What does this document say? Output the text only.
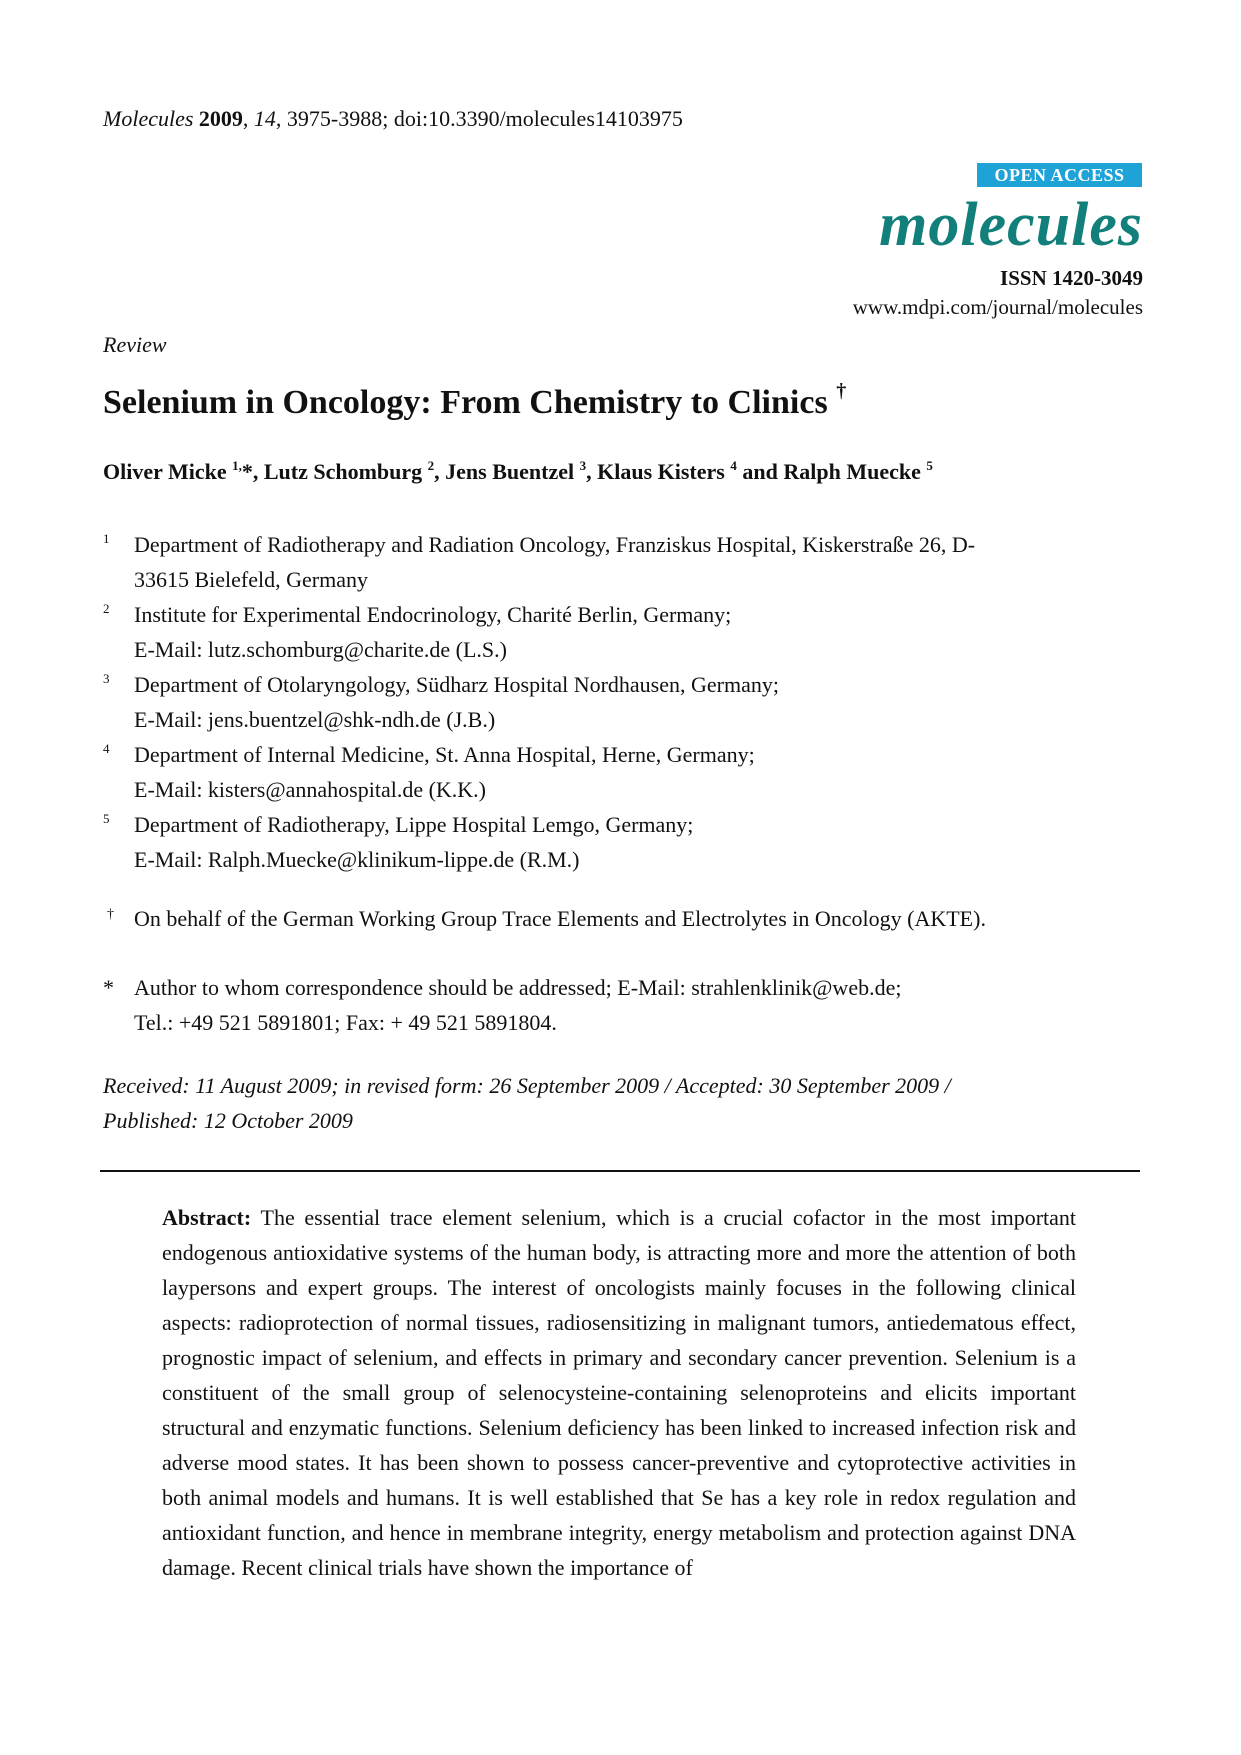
Molecules 2009, 14, 3975-3988; doi:10.3390/molecules14103975
OPEN ACCESS
molecules
ISSN 1420-3049
www.mdpi.com/journal/molecules
Review
Selenium in Oncology: From Chemistry to Clinics †
Oliver Micke $^{1,}$*, Lutz Schomburg $^2$, Jens Buentzel $^3$, Klaus Kisters $^4$ and Ralph Muecke $^5$
1 Department of Radiotherapy and Radiation Oncology, Franziskus Hospital, Kiskerstraße 26, D-
33615 Bielefeld, Germany
2 Institute for Experimental Endocrinology, Charité Berlin, Germany;
E-Mail: lutz.schomburg@charite.de (L.S.)
3 Department of Otolaryngology, Südharz Hospital Nordhausen, Germany;
E-Mail: jens.buentzel@shk-ndh.de (J.B.)
4 Department of Internal Medicine, St. Anna Hospital, Herne, Germany;
E-Mail: kisters@annahospital.de (K.K.)
5 Department of Radiotherapy, Lippe Hospital Lemgo, Germany;
E-Mail: Ralph.Muecke@klinikum-lippe.de (R.M.)
† On behalf of the German Working Group Trace Elements and Electrolytes in Oncology (AKTE).
* Author to whom correspondence should be addressed; E-Mail: strahlenklinik@web.de;
Tel.: +49 521 5891801; Fax: + 49 521 5891804.
Received: 11 August 2009; in revised form: 26 September 2009 / Accepted: 30 September 2009 /
Published: 12 October 2009
Abstract: The essential trace element selenium, which is a crucial cofactor in the most important endogenous antioxidative systems of the human body, is attracting more and more the attention of both laypersons and expert groups. The interest of oncologists mainly focuses in the following clinical aspects: radioprotection of normal tissues, radiosensitizing in malignant tumors, antiedematous effect, prognostic impact of selenium, and effects in primary and secondary cancer prevention. Selenium is a constituent of the small group of selenocysteine-containing selenoproteins and elicits important structural and enzymatic functions. Selenium deficiency has been linked to increased infection risk and adverse mood states. It has been shown to possess cancer-preventive and cytoprotective activities in both animal models and humans. It is well established that Se has a key role in redox regulation and antioxidant function, and hence in membrane integrity, energy metabolism and protection against DNA damage. Recent clinical trials have shown the importance of
